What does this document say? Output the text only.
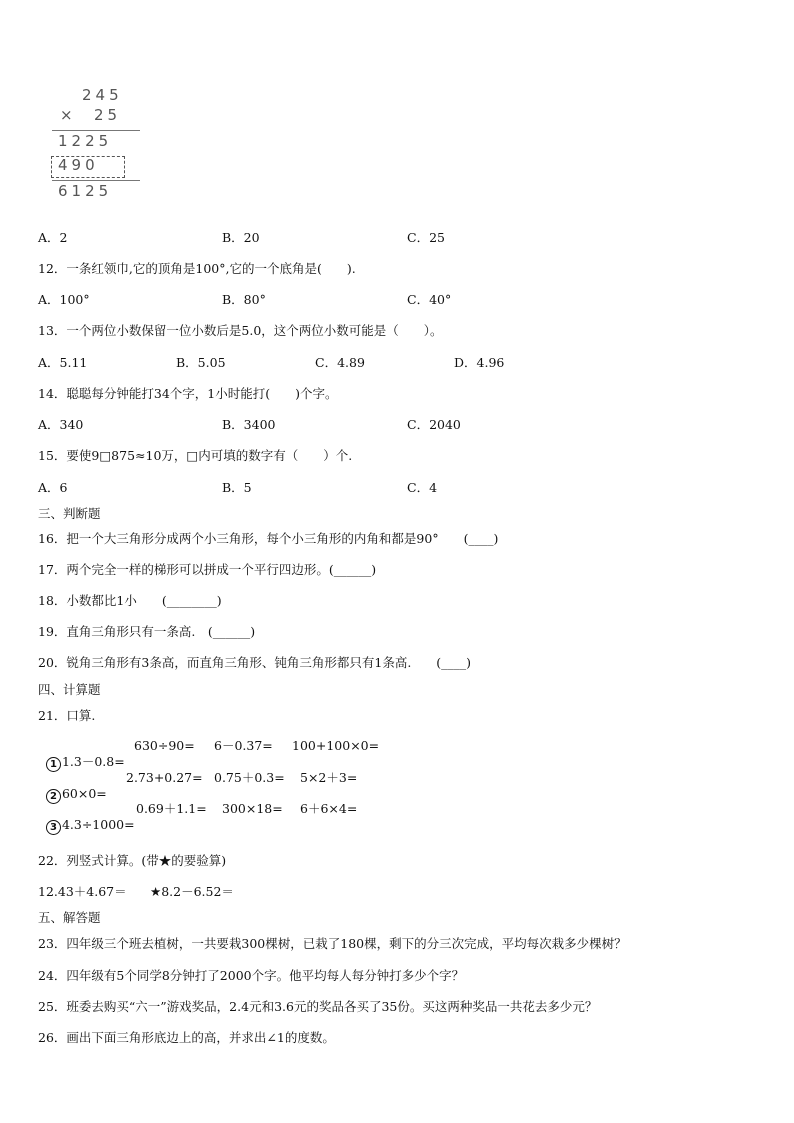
245
× 25
1225
490
6125
A．2	B．20	C．25
12．一条红领巾,它的顶角是100°,它的一个底角是(　　).
A．100°	B．80°	C．40°
13．一个两位小数保留一位小数后是5.0，这个两位小数可能是（　　）。
A．5.11	B．5.05	C．4.89	D．4.96
14．聪聪每分钟能打34个字，1小时能打(　　)个字。
A．340	B．3400	C．2040
15．要使9□875≈10万，□内可填的数字有（　　）个.
A．6	B．5	C．4
三、判断题
16．把一个大三角形分成两个小三角形，每个小三角形的内角和都是90°　　(____)
17．两个完全一样的梯形可以拼成一个平行四边形。(______)
18．小数都比1小　　(________)
19．直角三角形只有一条高.　(______)
20．锐角三角形有3条高，而直角三角形、钝角三角形都只有1条高.　　(____)
四、计算题
21．口算.

1 1.3－0.8=

630÷90= 6－0.37= 100+100×0=

2 60×0=

2.73+0.27= 0.75＋0.3= 5×2＋3=

3 4.3÷1000=

0.69＋1.1= 300×18= 6＋6×4=
22．列竖式计算。(带★的要验算)
12.43＋4.67＝ ★8.2－6.52＝
五、解答题
23．四年级三个班去植树，一共要栽300棵树，已栽了180棵，剩下的分三次完成，平均每次栽多少棵树？
24．四年级有5个同学8分钟打了2000个字。他平均每人每分钟打多少个字？
25．班委去购买“六一”游戏奖品，2.4元和3.6元的奖品各买了35份。买这两种奖品一共花去多少元？
26．画出下面三角形底边上的高，并求出∠1的度数。
